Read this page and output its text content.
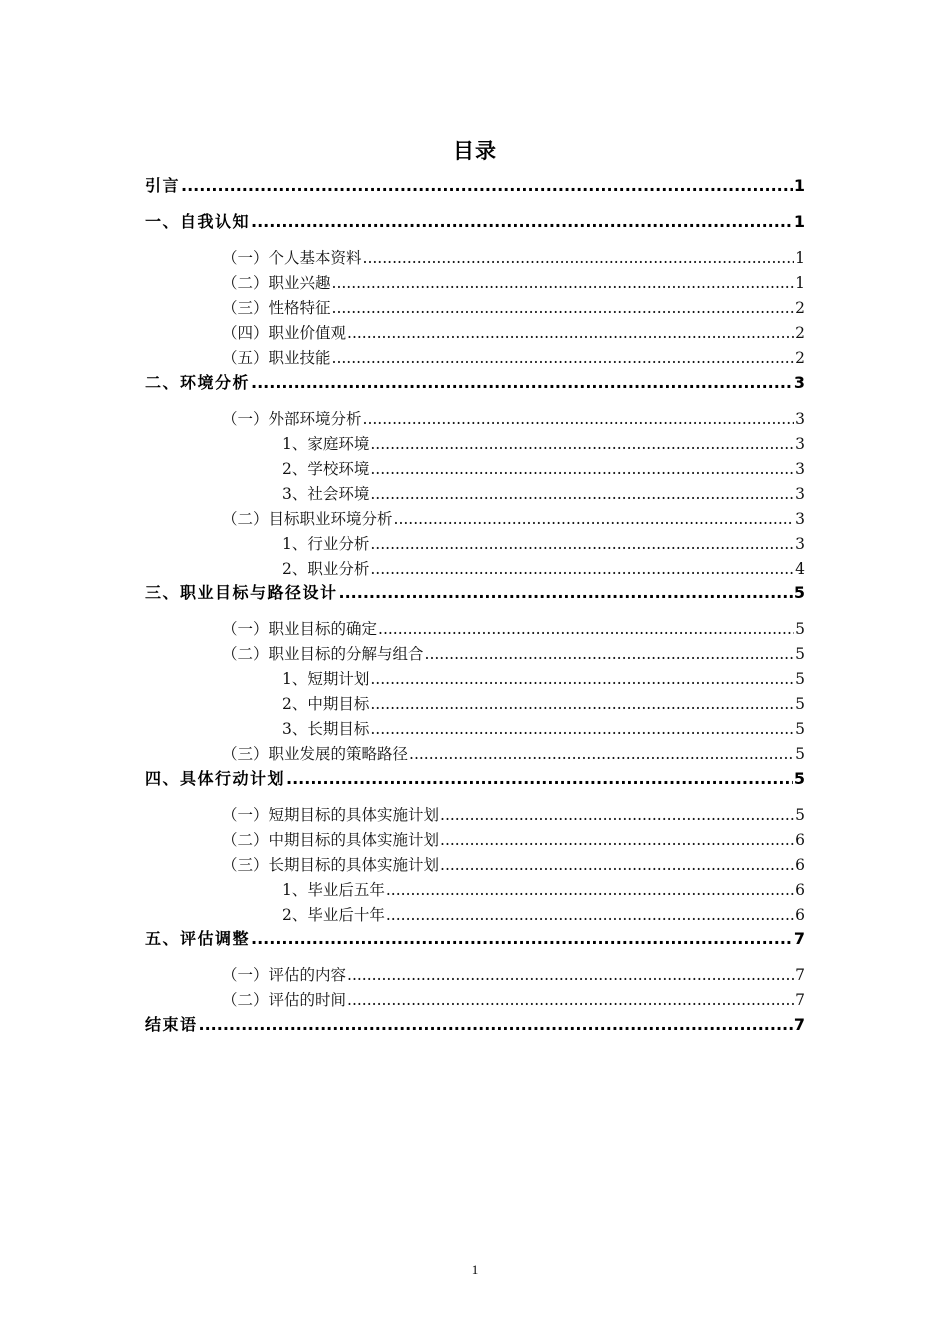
目录
引言 .....	1
一、自我认知 .....	1
（一）个人基本资料 .....	1
（二）职业兴趣 .....	1
（三）性格特征 .....	2
（四）职业价值观 .....	2
（五）职业技能 .....	2
二、环境分析 .....	3
（一）外部环境分析 .....	3
1、家庭环境 .....	3
2、学校环境 .....	3
3、社会环境 .....	3
（二）目标职业环境分析 .....	3
1、行业分析 .....	3
2、职业分析 .....	4
三、职业目标与路径设计 .....	5
（一）职业目标的确定 .....	5
（二）职业目标的分解与组合 .....	5
1、短期计划 .....	5
2、中期目标 .....	5
3、长期目标 .....	5
（三）职业发展的策略路径 .....	5
四、具体行动计划 .....	5
（一）短期目标的具体实施计划 .....	5
（二）中期目标的具体实施计划 .....	6
（三）长期目标的具体实施计划 .....	6
1、毕业后五年 .....	6
2、毕业后十年 .....	6
五、评估调整 .....	7
（一）评估的内容 .....	7
（二）评估的时间 .....	7
结束语 .....	7
1
